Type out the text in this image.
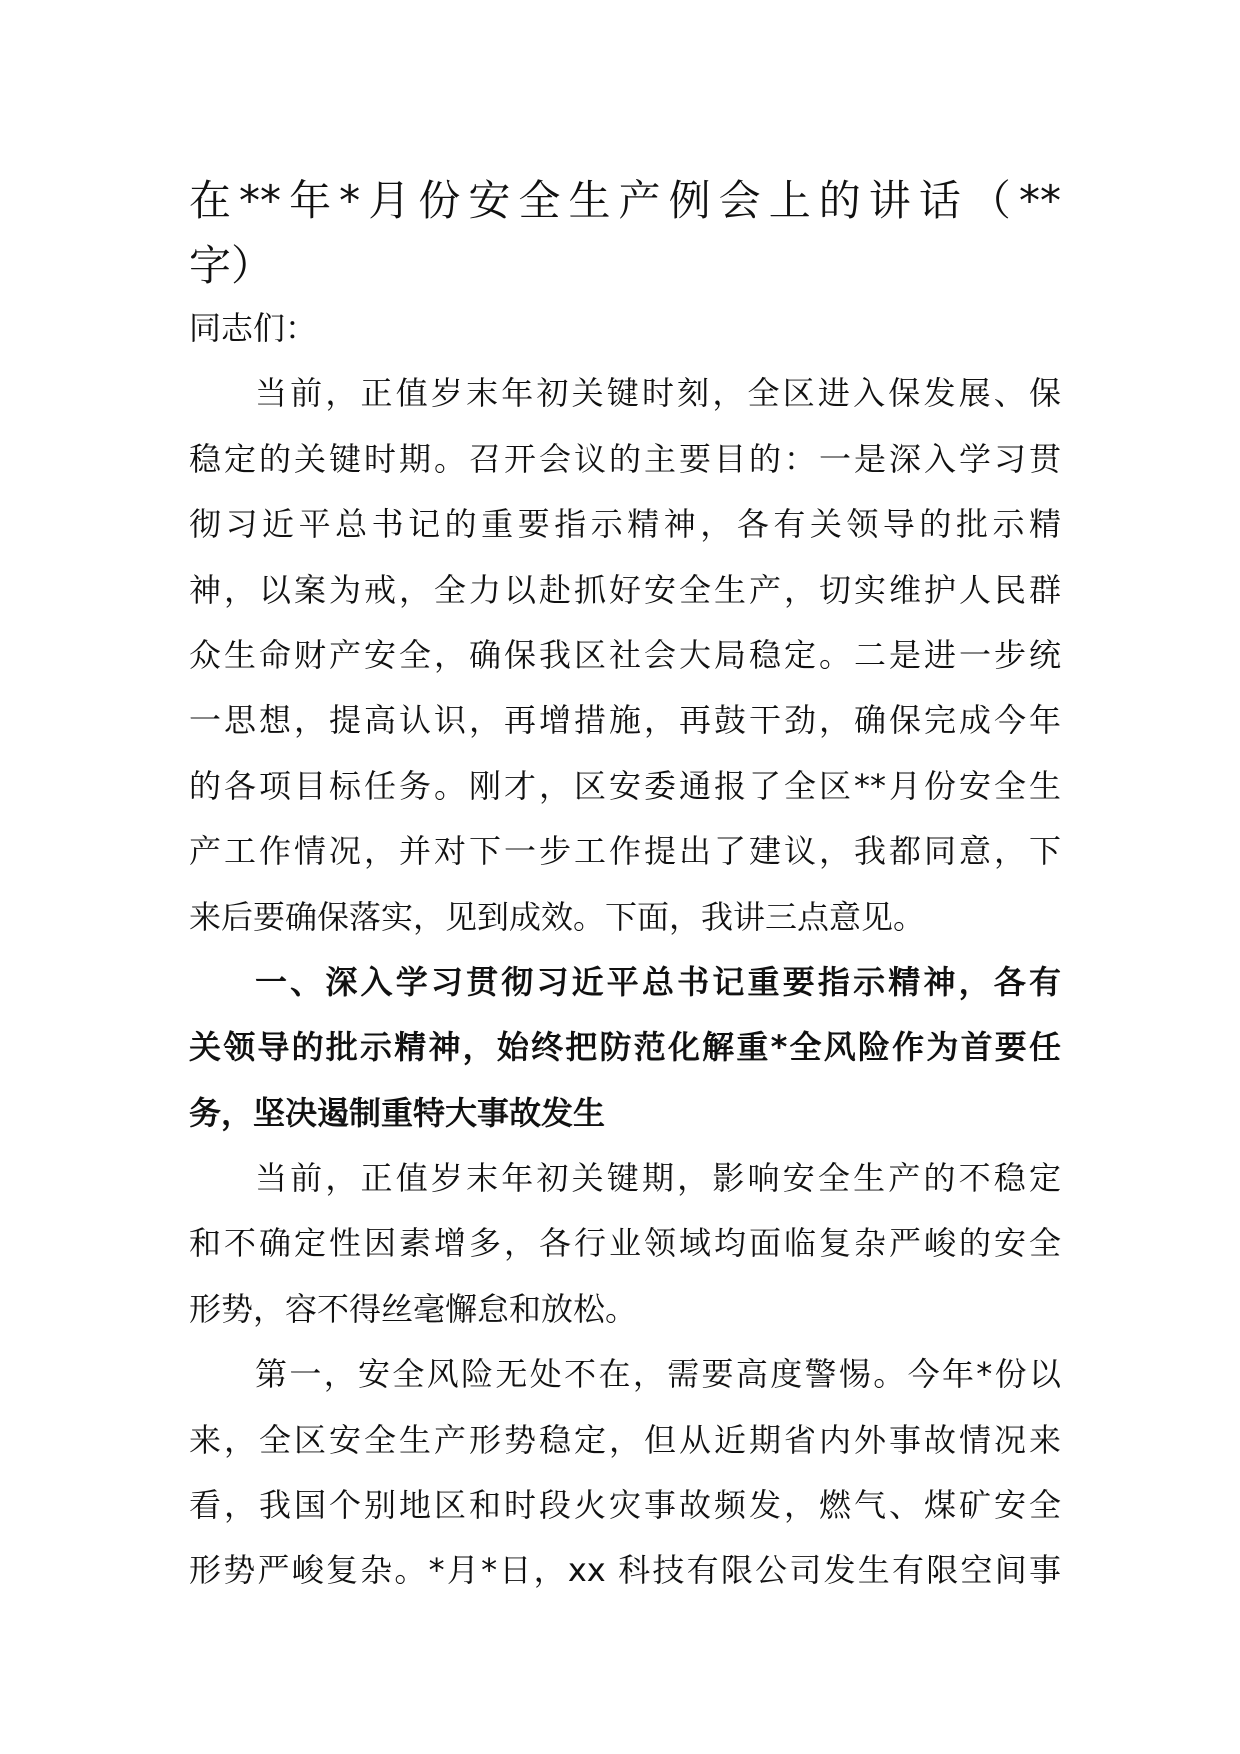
在**年*月份安全生产例会上的讲话（**
字）
同志们：
当前，正值岁末年初关键时刻，全区进入保发展、保
稳定的关键时期。召开会议的主要目的：一是深入学习贯
彻习近平总书记的重要指示精神，各有关领导的批示精
神，以案为戒，全力以赴抓好安全生产，切实维护人民群
众生命财产安全，确保我区社会大局稳定。二是进一步统
一思想，提高认识，再增措施，再鼓干劲，确保完成今年
的各项目标任务。刚才，区安委通报了全区**月份安全生
产工作情况，并对下一步工作提出了建议，我都同意，下
来后要确保落实，见到成效。下面，我讲三点意见。
一、深入学习贯彻习近平总书记重要指示精神，各有
关领导的批示精神，始终把防范化解重*全风险作为首要任
务，坚决遏制重特大事故发生
当前，正值岁末年初关键期，影响安全生产的不稳定
和不确定性因素增多，各行业领域均面临复杂严峻的安全
形势，容不得丝毫懈怠和放松。
第一，安全风险无处不在，需要高度警惕。今年*份以
来，全区安全生产形势稳定，但从近期省内外事故情况来
看，我国个别地区和时段火灾事故频发，燃气、煤矿安全
形势严峻复杂。*月*日，xx 科技有限公司发生有限空间事
